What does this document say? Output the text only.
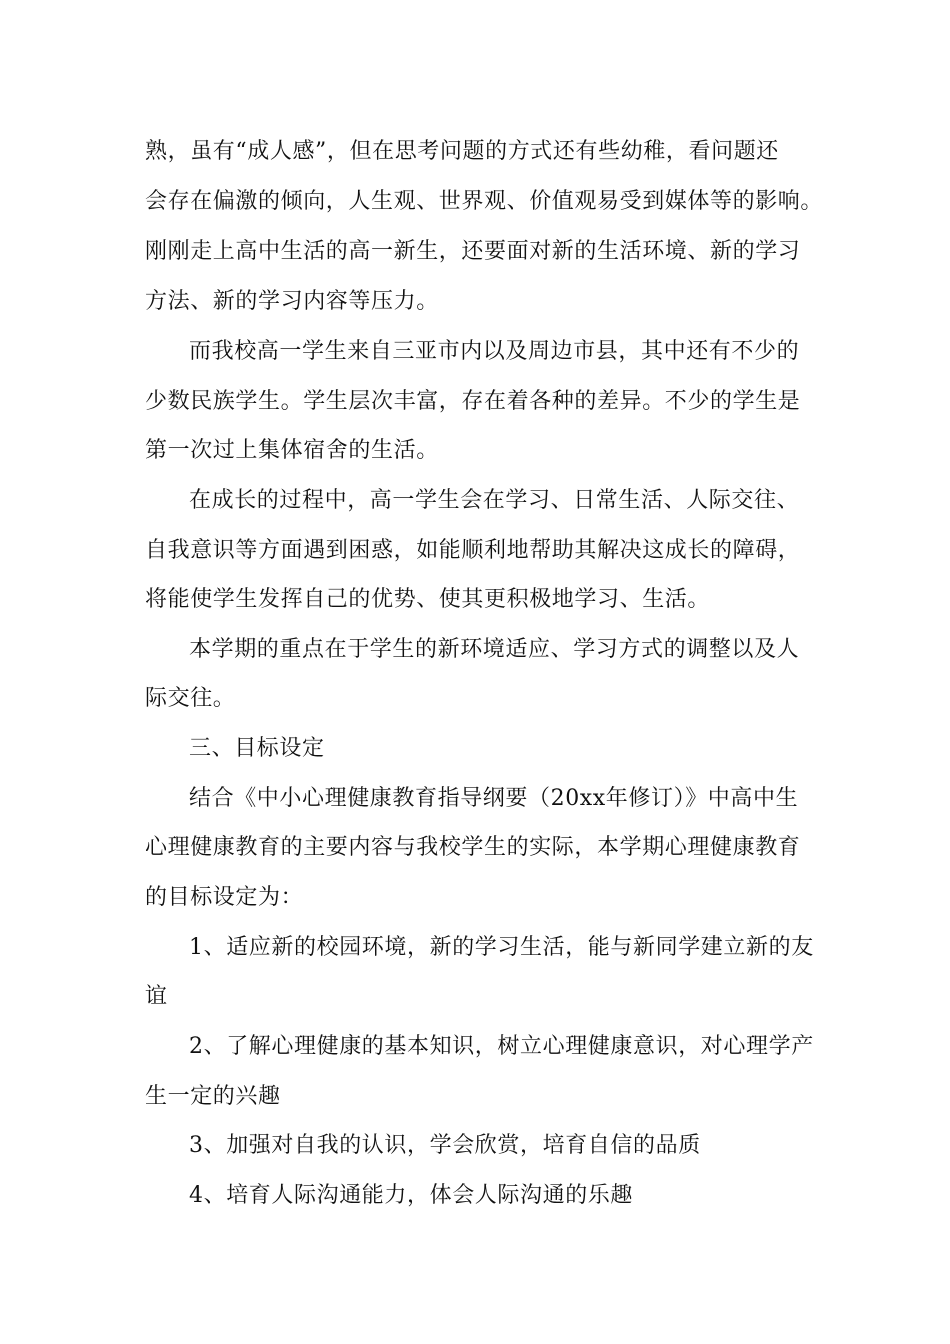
熟，虽有“成人感”，但在思考问题的方式还有些幼稚，看问题还
会存在偏激的倾向，人生观、世界观、价值观易受到媒体等的影响。
刚刚走上高中生活的高一新生，还要面对新的生活环境、新的学习
方法、新的学习内容等压力。
而我校高一学生来自三亚市内以及周边市县，其中还有不少的
少数民族学生。学生层次丰富，存在着各种的差异。不少的学生是
第一次过上集体宿舍的生活。
在成长的过程中，高一学生会在学习、日常生活、人际交往、
自我意识等方面遇到困惑，如能顺利地帮助其解决这成长的障碍，
将能使学生发挥自己的优势、使其更积极地学习、生活。
本学期的重点在于学生的新环境适应、学习方式的调整以及人
际交往。
三、目标设定
结合《中小心理健康教育指导纲要（20xx年修订）》中高中生
心理健康教育的主要内容与我校学生的实际，本学期心理健康教育
的目标设定为：
1、适应新的校园环境，新的学习生活，能与新同学建立新的友
谊
2、了解心理健康的基本知识，树立心理健康意识，对心理学产
生一定的兴趣
3、加强对自我的认识，学会欣赏，培育自信的品质
4、培育人际沟通能力，体会人际沟通的乐趣
